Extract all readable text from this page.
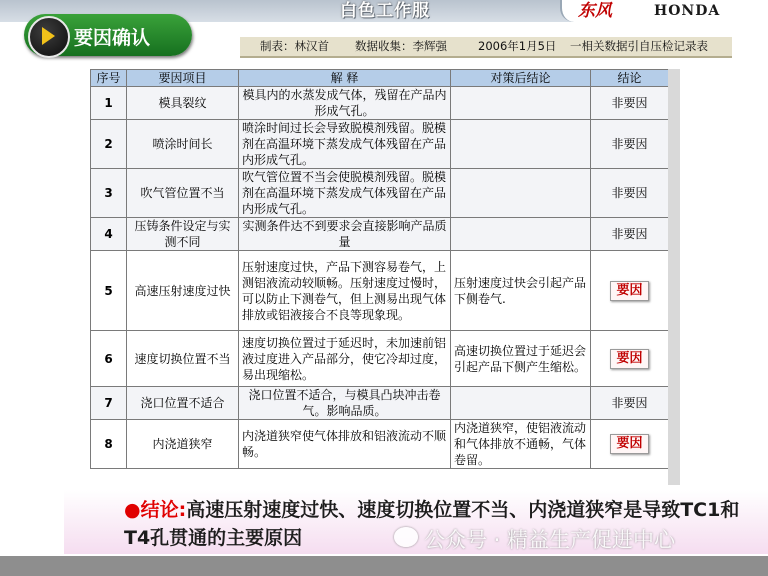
白色工作服	东风	HONDA
要因确认	制表：林汉首 数据收集：李辉强	2006年1月5日 一相关数据引自压检记录表
序号	要因项目	解 释	对策后结论	结论
1	模具裂纹	模具内的水蒸发成气体，残留在产品内形成气孔。		非要因
2	喷涂时间长	喷涂时间过长会导致脱模剂残留。脱模剂在高温环境下蒸发成气体残留在产品内形成气孔。		非要因
3	吹气管位置不当	吹气管位置不当会使脱模剂残留。脱模剂在高温环境下蒸发成气体残留在产品内形成气孔。		非要因
4	压铸条件设定与实测不同	实测条件达不到要求会直接影响产品质量		非要因
5	高速压射速度过快	压射速度过快，产品下测容易卷气，上测铝液流动较顺畅。压射速度过慢时，可以防止下测卷气，但上测易出现气体排放或铝液接合不良等现象现。	压射速度过快会引起产品下侧卷气.	要因
6	速度切换位置不当	速度切换位置过于延迟时，未加速前铝液过度进入产品部分，使它冷却过度，易出现缩松。	高速切换位置过于延迟会引起产品下侧产生缩松。	要因
7	浇口位置不适合	浇口位置不适合，与模具凸块冲击卷气。影响品质。		非要因
8	内浇道狭窄	内浇道狭窄使气体排放和铝液流动不顺畅。	内浇道狭窄，使铝液流动和气体排放不通畅，气体卷留。	要因
●结论:高速压射速度过快、速度切换位置不当、内浇道狭窄是导致TC1和T4孔贯通的主要原因	公众号 · 精益生产促进中心
